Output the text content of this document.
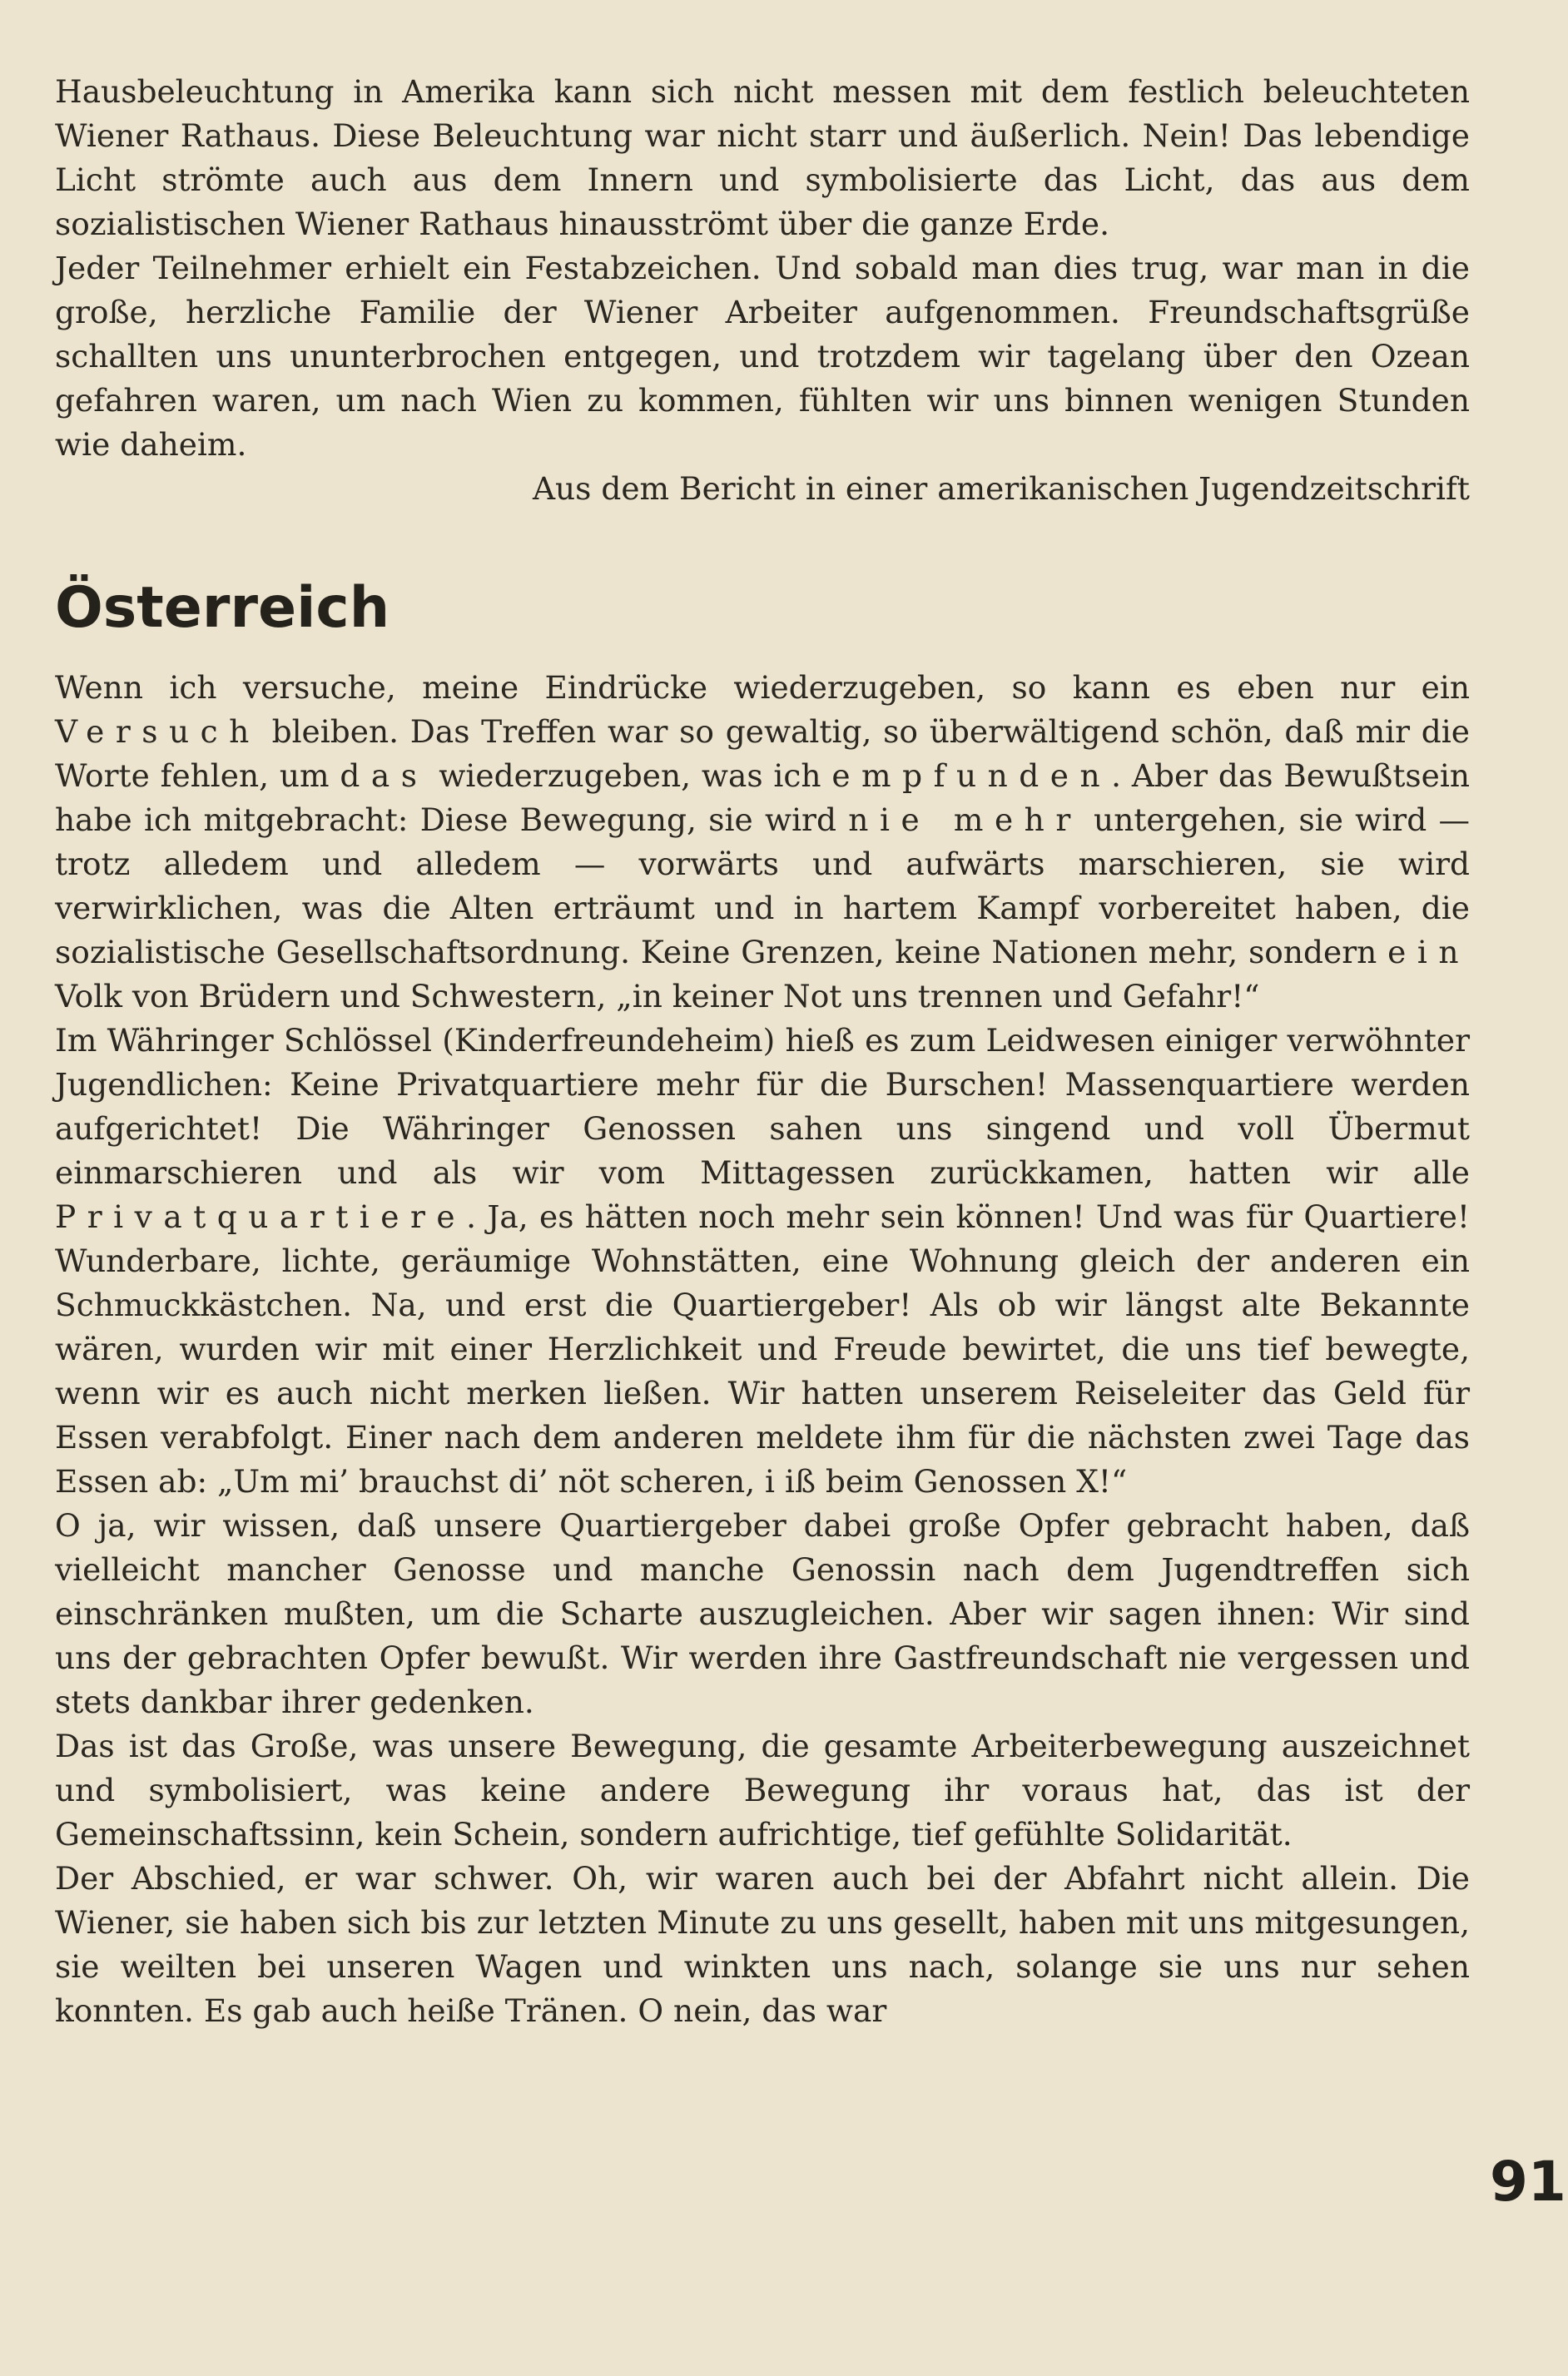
Hausbeleuchtung in Amerika kann sich nicht messen mit dem festlich beleuchteten Wiener Rathaus. Diese Beleuchtung war nicht starr und äußerlich. Nein! Das lebendige Licht strömte auch aus dem Innern und symbolisierte das Licht, das aus dem sozialistischen Wiener Rathaus hinausströmt über die ganze Erde.

Jeder Teilnehmer erhielt ein Festabzeichen. Und sobald man dies trug, war man in die große, herzliche Familie der Wiener Arbeiter aufgenommen. Freundschaftsgrüße schallten uns ununterbrochen entgegen, und trotzdem wir tagelang über den Ozean gefahren waren, um nach Wien zu kommen, fühlten wir uns binnen wenigen Stunden wie daheim.

Aus dem Bericht in einer amerikanischen Jugendzeitschrift

Österreich

Wenn ich versuche, meine Eindrücke wiederzugeben, so kann es eben nur ein Versuch bleiben. Das Treffen war so gewaltig, so überwältigend schön, daß mir die Worte fehlen, um das wiederzugeben, was ich empfunden. Aber das Bewußtsein habe ich mitgebracht: Diese Bewegung, sie wird nie mehr untergehen, sie wird — trotz alledem und alledem — vorwärts und aufwärts marschieren, sie wird verwirklichen, was die Alten erträumt und in hartem Kampf vorbereitet haben, die sozialistische Gesellschaftsordnung. Keine Grenzen, keine Nationen mehr, sondern ein Volk von Brüdern und Schwestern, „in keiner Not uns trennen und Gefahr!“

Im Währinger Schlössel (Kinderfreundeheim) hieß es zum Leidwesen einiger verwöhnter Jugendlichen: Keine Privatquartiere mehr für die Burschen! Massenquartiere werden aufgerichtet! Die Währinger Genossen sahen uns singend und voll Übermut einmarschieren und als wir vom Mittagessen zurückkamen, hatten wir alle Privatquartiere. Ja, es hätten noch mehr sein können! Und was für Quartiere! Wunderbare, lichte, geräumige Wohnstätten, eine Wohnung gleich der anderen ein Schmuckkästchen. Na, und erst die Quartiergeber! Als ob wir längst alte Bekannte wären, wurden wir mit einer Herzlichkeit und Freude bewirtet, die uns tief bewegte, wenn wir es auch nicht merken ließen. Wir hatten unserem Reiseleiter das Geld für Essen verabfolgt. Einer nach dem anderen meldete ihm für die nächsten zwei Tage das Essen ab: „Um mi’ brauchst di’ nöt scheren, i iß beim Genossen X!“

O ja, wir wissen, daß unsere Quartiergeber dabei große Opfer gebracht haben, daß vielleicht mancher Genosse und manche Genossin nach dem Jugendtreffen sich einschränken mußten, um die Scharte auszugleichen. Aber wir sagen ihnen: Wir sind uns der gebrachten Opfer bewußt. Wir werden ihre Gastfreundschaft nie vergessen und stets dankbar ihrer gedenken.

Das ist das Große, was unsere Bewegung, die gesamte Arbeiterbewegung auszeichnet und symbolisiert, was keine andere Bewegung ihr voraus hat, das ist der Gemeinschaftssinn, kein Schein, sondern aufrichtige, tief gefühlte Solidarität.

Der Abschied, er war schwer. Oh, wir waren auch bei der Abfahrt nicht allein. Die Wiener, sie haben sich bis zur letzten Minute zu uns gesellt, haben mit uns mitgesungen, sie weilten bei unseren Wagen und winkten uns nach, solange sie uns nur sehen konnten. Es gab auch heiße Tränen. O nein, das war

91
